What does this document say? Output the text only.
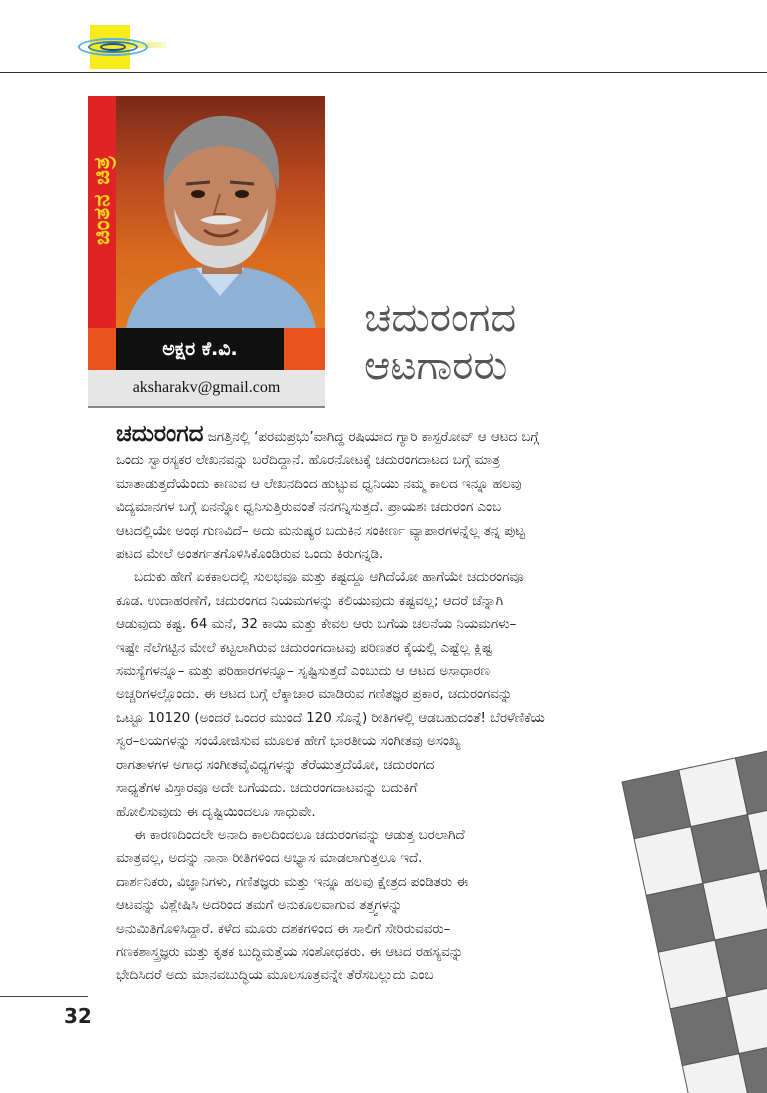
ಚಿಂತನ ಚಿತ್ರ
ಅಕ್ಷರ ಕೆ.ವಿ.
aksharakv@gmail.com
ಚದುರಂಗದ
ಆಟಗಾರರು

ಚದುರಂಗದ ಜಗತ್ತಿನಲ್ಲಿ ‘ಪರಮಪ್ರಭು’ವಾಗಿದ್ದ ರಷಿಯಾದ ಗ್ಯಾರಿ ಕಾಸ್ಪರೋವ್ ಆ ಆಟದ ಬಗ್ಗೆ
ಒಂದು ಸ್ವಾರಸ್ಯಕರ ಲೇಖನವನ್ನು ಬರೆದಿದ್ದಾನೆ. ಹೊರನೋಟಕ್ಕೆ ಚದುರಂಗದಾಟದ ಬಗ್ಗೆ ಮಾತ್ರ
ಮಾತಾಡುತ್ತದೆಯೆಂದು ಕಾಣುವ ಆ ಲೇಖನದಿಂದ ಹುಟ್ಟುವ ಧ್ವನಿಯು ನಮ್ಮ ಕಾಲದ ಇನ್ನೂ ಹಲವು
ವಿದ್ಯಮಾನಗಳ ಬಗ್ಗೆ ಏನನ್ನೋ ಧ್ವನಿಸುತ್ತಿರುವಂತೆ ನನಗನ್ನಿಸುತ್ತದೆ. ಪ್ರಾಯಶಃ ಚದುರಂಗ ಎಂಬ
ಆಟದಲ್ಲಿಯೇ ಅಂಥ ಗುಣವಿದೆ– ಅದು ಮನುಷ್ಯರ ಬದುಕಿನ ಸಂಕೀರ್ಣ ವ್ಯಾಪಾರಗಳನ್ನೆಲ್ಲ ತನ್ನ ಪುಟ್ಟ
ಪಟದ ಮೇಲೆ ಅಂತರ್ಗತಗೊಳಿಸಿಕೊಂಡಿರುವ ಒಂದು ಕಿರುಗನ್ನಡಿ.

ಬದುಕು ಹೇಗೆ ಏಕಕಾಲದಲ್ಲಿ ಸುಲಭವೂ ಮತ್ತು ಕಷ್ಟದ್ದೂ ಆಗಿದೆಯೋ ಹಾಗೆಯೇ ಚದುರಂಗವೂ
ಕೂಡ. ಉದಾಹರಣೆಗೆ, ಚದುರಂಗದ ನಿಯಮಗಳನ್ನು ಕಲಿಯುವುದು ಕಷ್ಟವಲ್ಲ; ಆದರೆ ಚೆನ್ನಾಗಿ
ಆಡುವುದು ಕಷ್ಟ. 64 ಮನೆ, 32 ಕಾಯಿ ಮತ್ತು ಕೇವಲ ಆರು ಬಗೆಯ ಚಲನೆಯ ನಿಯಮಗಳು–
ಇಷ್ಟೇ ನೆಲೆಗಟ್ಟಿನ ಮೇಲೆ ಕಟ್ಟಲಾಗಿರುವ ಚದುರಂಗದಾಟವು ಪರಿಣತರ ಕೈಯಲ್ಲಿ ಎಷ್ಟೆಲ್ಲ ಕ್ಲಿಷ್ಟ
ಸಮಸ್ಯೆಗಳನ್ನೂ– ಮತ್ತು ಪರಿಹಾರಗಳನ್ನೂ– ಸೃಷ್ಟಿಸುತ್ತದೆ ಎಂಬುದು ಆ ಆಟದ ಅಸಾಧಾರಣ
ಅಚ್ಚರಿಗಳಲ್ಲೊಂದು. ಈ ಆಟದ ಬಗ್ಗೆ ಲೆಕ್ಕಾಚಾರ ಮಾಡಿರುವ ಗಣಿತಜ್ಞರ ಪ್ರಕಾರ, ಚದುರಂಗವನ್ನು
ಒಟ್ಟೂ 10120 (ಅಂದರೆ ಒಂದರ ಮುಂದೆ 120 ಸೊನ್ನೆ) ರೀತಿಗಳಲ್ಲಿ ಆಡಬಹುದಂತೆ! ಬೆರಳೆಣಿಕೆಯ
ಸ್ವರ–ಲಯಗಳನ್ನು ಸಂಯೋಜಿಸುವ ಮೂಲಕ ಹೇಗೆ ಭಾರತೀಯ ಸಂಗೀತವು ಅಸಂಖ್ಯ
ರಾಗತಾಳಗಳ ಅಗಾಧ ಸಂಗೀತವೈವಿಧ್ಯಗಳನ್ನು ತೆರೆಯುತ್ತದೆಯೋ, ಚದುರಂಗದ
ಸಾಧ್ಯತೆಗಳ ವಿಸ್ತಾರವೂ ಅದೇ ಬಗೆಯದು. ಚದುರಂಗದಾಟವನ್ನು ಬದುಕಿಗೆ
ಹೋಲಿಸುವುದು ಈ ದೃಷ್ಟಿಯಿಂದಲೂ ಸಾಧುವೇ.

ಈ ಕಾರಣದಿಂದಲೇ ಅನಾದಿ ಕಾಲದಿಂದಲೂ ಚದುರಂಗವನ್ನು ಆಡುತ್ತ ಬರಲಾಗಿದೆ
ಮಾತ್ರವಲ್ಲ, ಅದನ್ನು ನಾನಾ ರೀತಿಗಳಿಂದ ಅಭ್ಯಾಸ ಮಾಡಲಾಗುತ್ತಲೂ ಇದೆ.
ದಾರ್ಶನಿಕರು, ವಿಜ್ಞಾನಿಗಳು, ಗಣಿತಜ್ಞರು ಮತ್ತು ಇನ್ನೂ ಹಲವು ಕ್ಷೇತ್ರದ ಪಂಡಿತರು ಈ
ಆಟವನ್ನು ವಿಶ್ಲೇಷಿಸಿ ಅದರಿಂದ ತಮಗೆ ಅನುಕೂಲವಾಗುವ ತತ್ತ್ವಗಳನ್ನು
ಅನುಮಿತಿಗೊಳಿಸಿದ್ದಾರೆ. ಕಳೆದ ಮೂರು ದಶಕಗಳಿಂದ ಈ ಸಾಲಿಗೆ ಸೇರಿರುವವರು–
ಗಣಕಶಾಸ್ತ್ರಜ್ಞರು ಮತ್ತು ಕೃತಕ ಬುದ್ಧಿಮತ್ತೆಯ ಸಂಶೋಧಕರು. ಈ ಆಟದ ರಹಸ್ಯವನ್ನು
ಭೇದಿಸಿದರೆ ಅದು ಮಾನವಬುದ್ಧಿಯ ಮೂಲಸೂತ್ರವನ್ನೇ ತೆರೆಸಬಲ್ಲುದು ಎಂಬ

32
